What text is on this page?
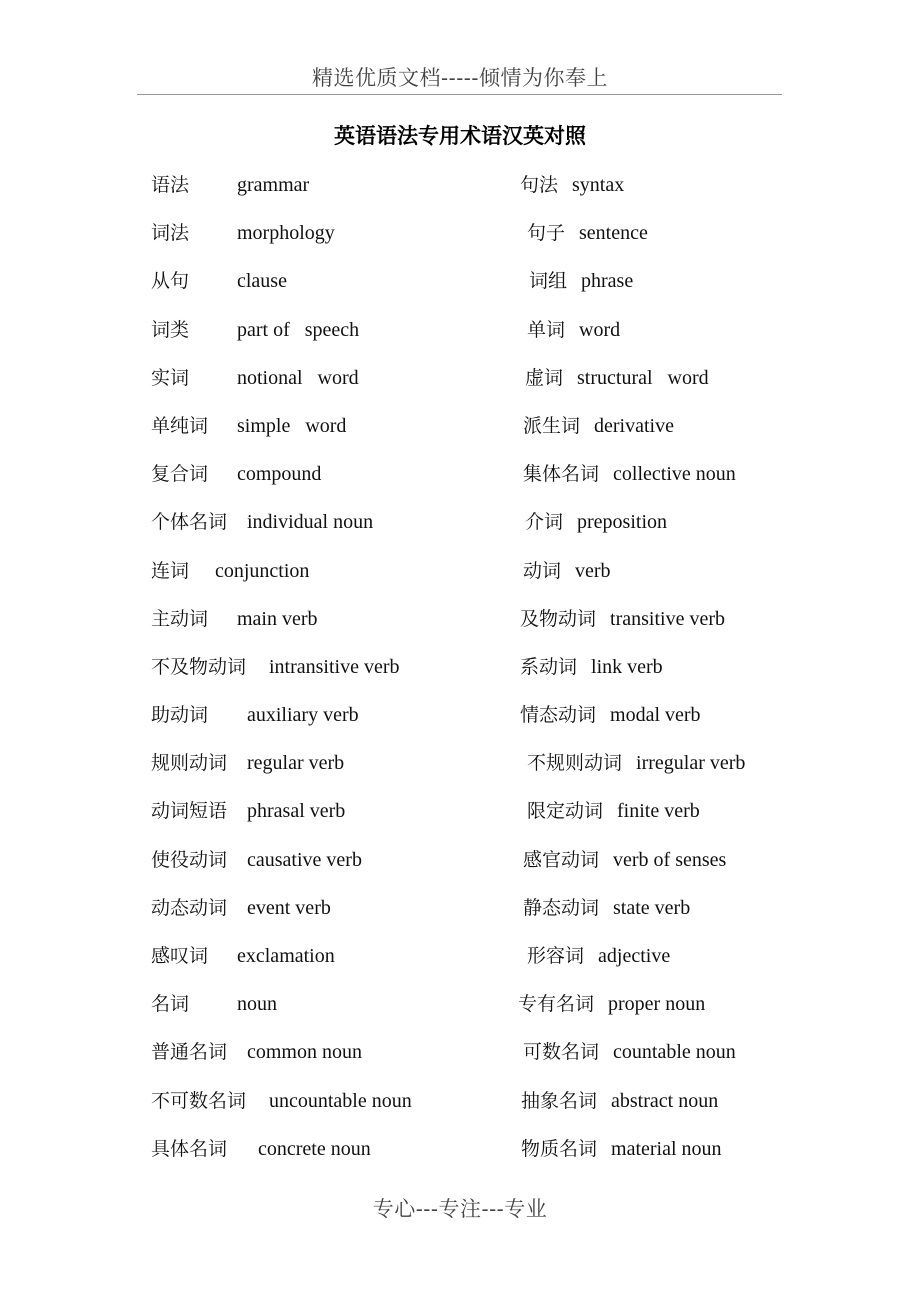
精选优质文档-----倾情为你奉上
英语语法专用术语汉英对照
语法 grammar	句法 syntax
词法 morphology	句子 sentence
从句 clause	词组 phrase
词类 part of   speech	单词 word
实词 notional   word	虚词 structural   word
单纯词 simple   word	派生词 derivative
复合词 compound	集体名词 collective noun
个体名词 individual noun	介词 preposition
连词 conjunction	动词 verb
主动词 main verb	及物动词 transitive verb
不及物动词 intransitive verb	系动词 link verb
助动词 auxiliary verb	情态动词 modal verb
规则动词 regular verb	不规则动词 irregular verb
动词短语 phrasal verb	限定动词 finite verb
使役动词 causative verb	感官动词 verb of senses
动态动词 event verb	静态动词 state verb
感叹词 exclamation	形容词 adjective
名词 noun	专有名词 proper noun
普通名词 common noun	可数名词 countable noun
不可数名词 uncountable noun	抽象名词 abstract noun
具体名词 concrete noun	物质名词 material noun
专心---专注---专业
